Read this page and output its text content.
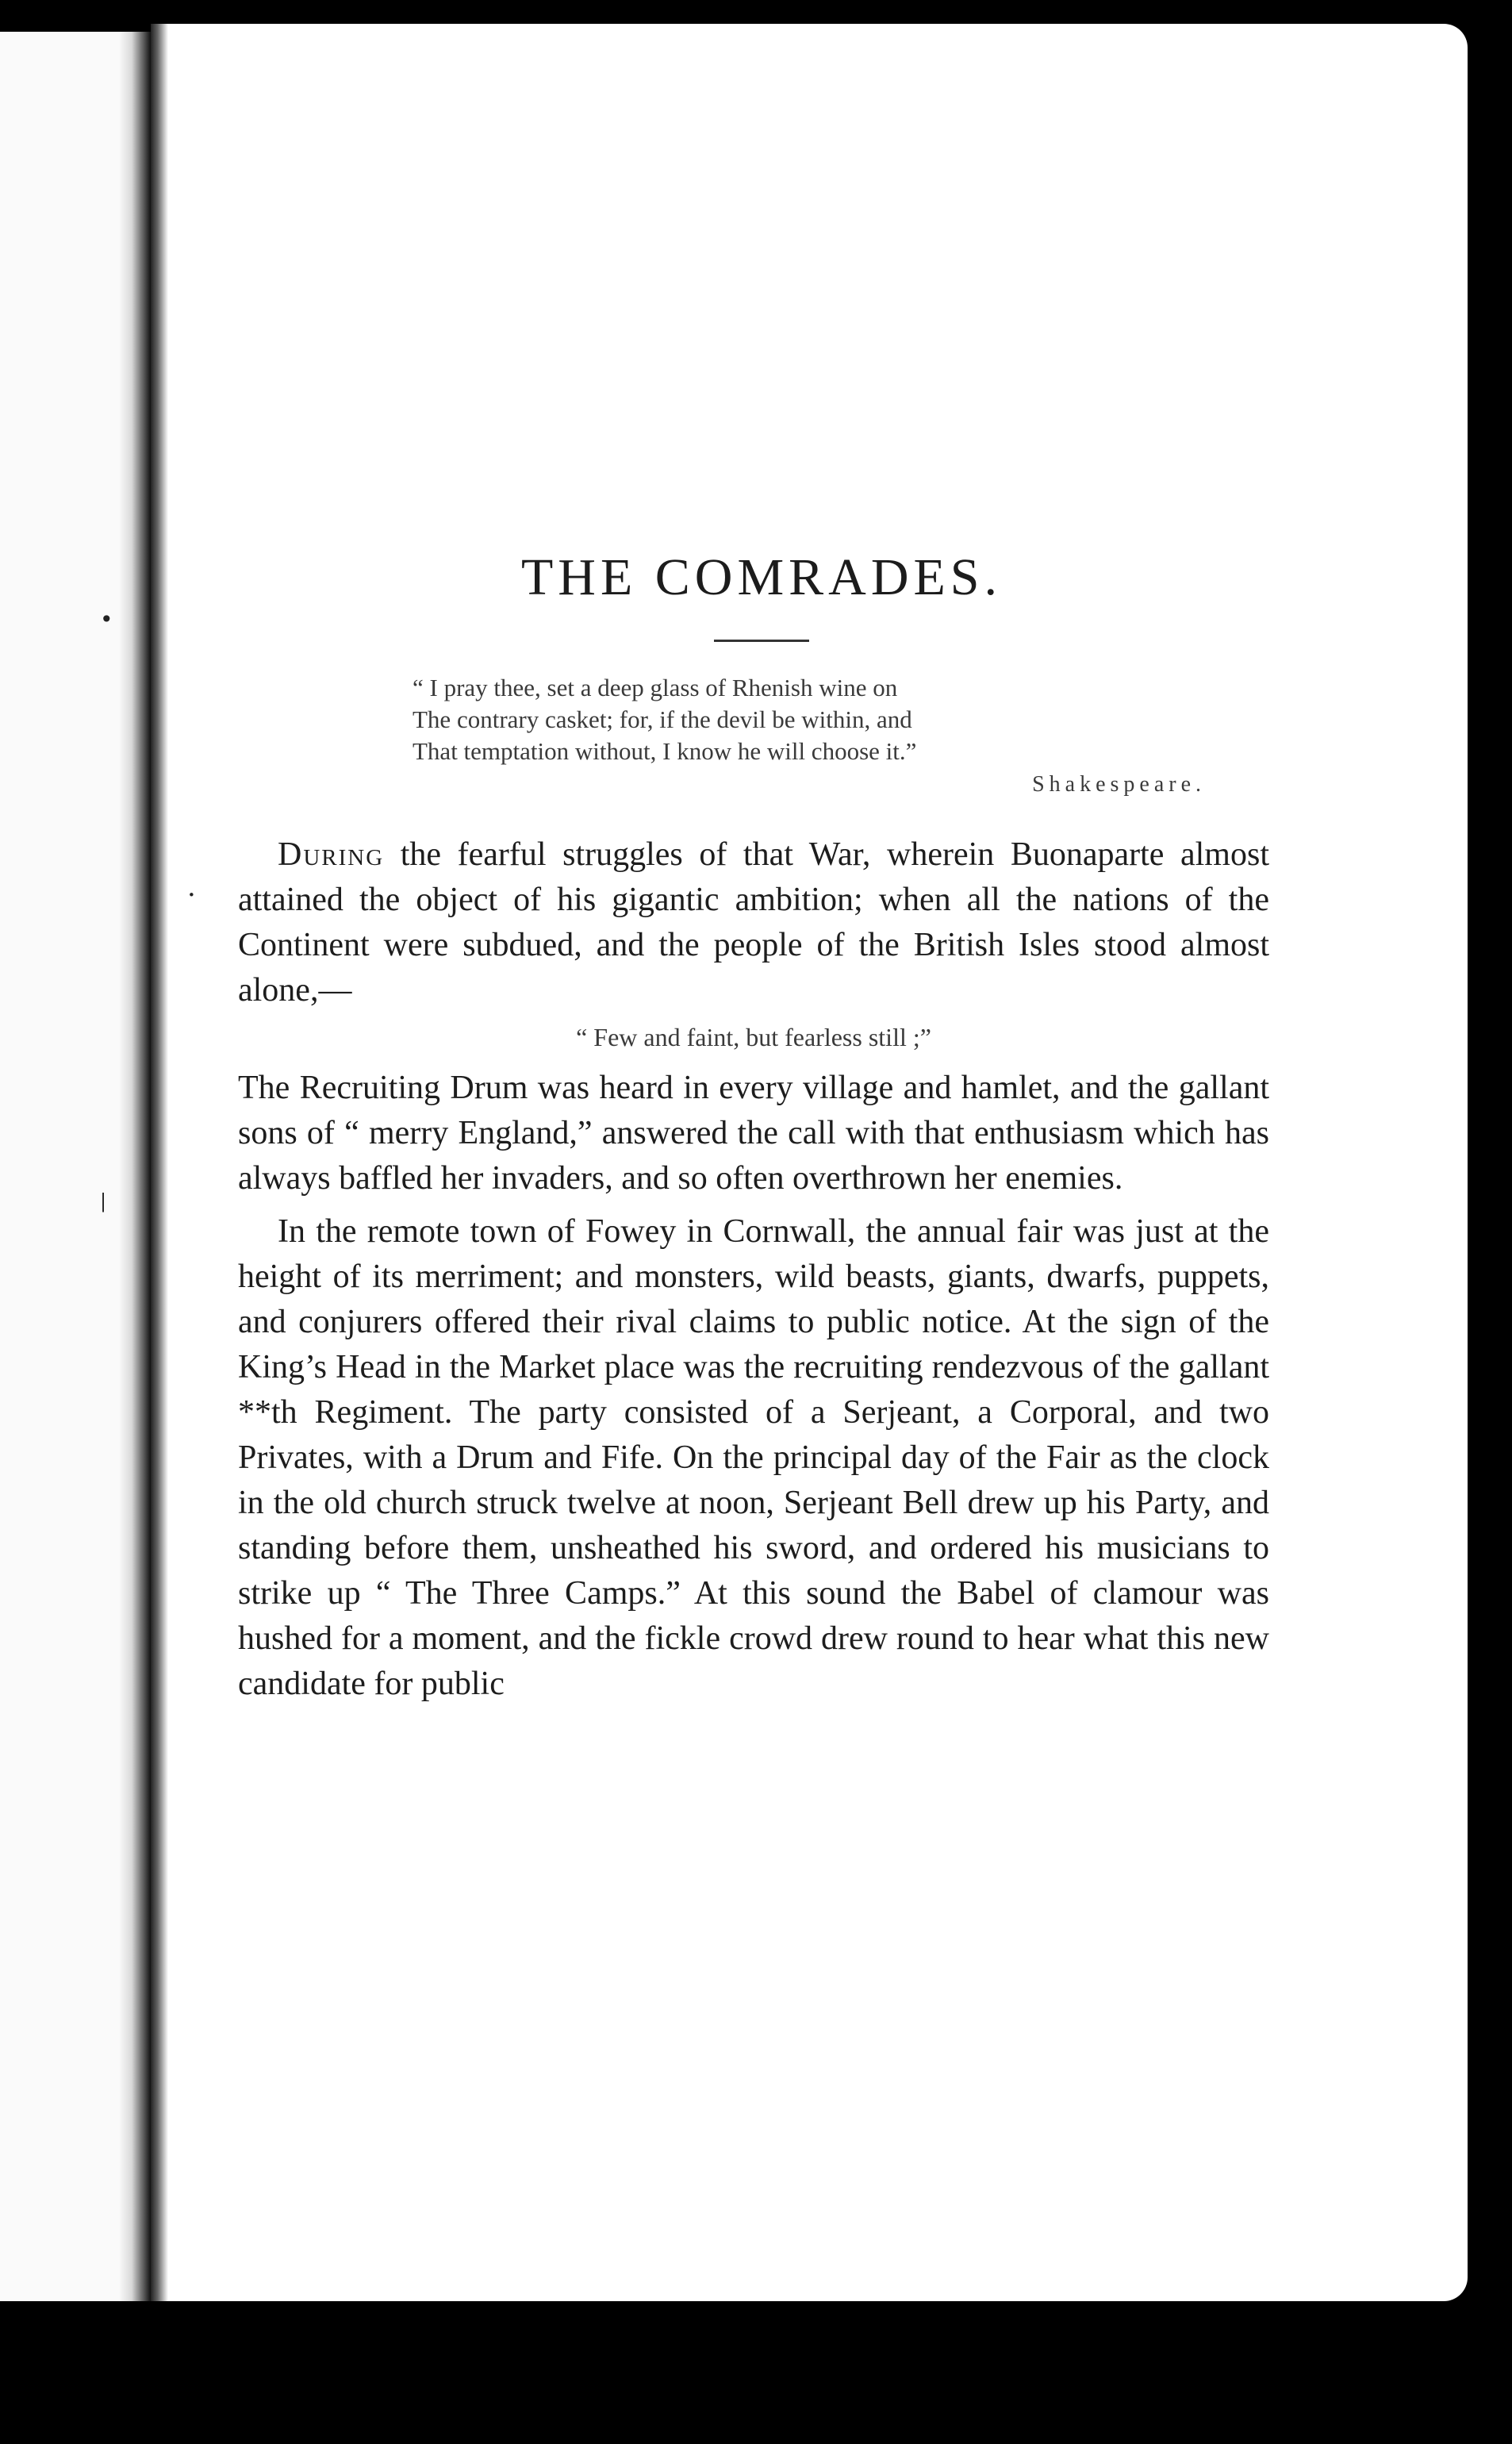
•
|
·
THE COMRADES.
“ I pray thee, set a deep glass of Rhenish wine on
The contrary casket; for, if the devil be within, and
That temptation without, I know he will choose it.”
Shakespeare.

During the fearful struggles of that War, wherein Buonaparte almost attained the object of his gigantic ambition; when all the nations of the Continent were subdued, and the people of the British Isles stood almost alone,—

“ Few and faint, but fearless still ;”

The Recruiting Drum was heard in every village and hamlet, and the gallant sons of “ merry England,” answered the call with that enthusiasm which has always baffled her invaders, and so often overthrown her enemies.

In the remote town of Fowey in Cornwall, the annual fair was just at the height of its merriment; and monsters, wild beasts, giants, dwarfs, puppets, and conjurers offered their rival claims to public notice. At the sign of the King’s Head in the Market place was the recruiting rendezvous of the gallant **th Regiment. The party consisted of a Serjeant, a Corporal, and two Privates, with a Drum and Fife. On the principal day of the Fair as the clock in the old church struck twelve at noon, Serjeant Bell drew up his Party, and standing before them, unsheathed his sword, and ordered his musicians to strike up “ The Three Camps.” At this sound the Babel of clamour was hushed for a moment, and the fickle crowd drew round to hear what this new candidate for public
